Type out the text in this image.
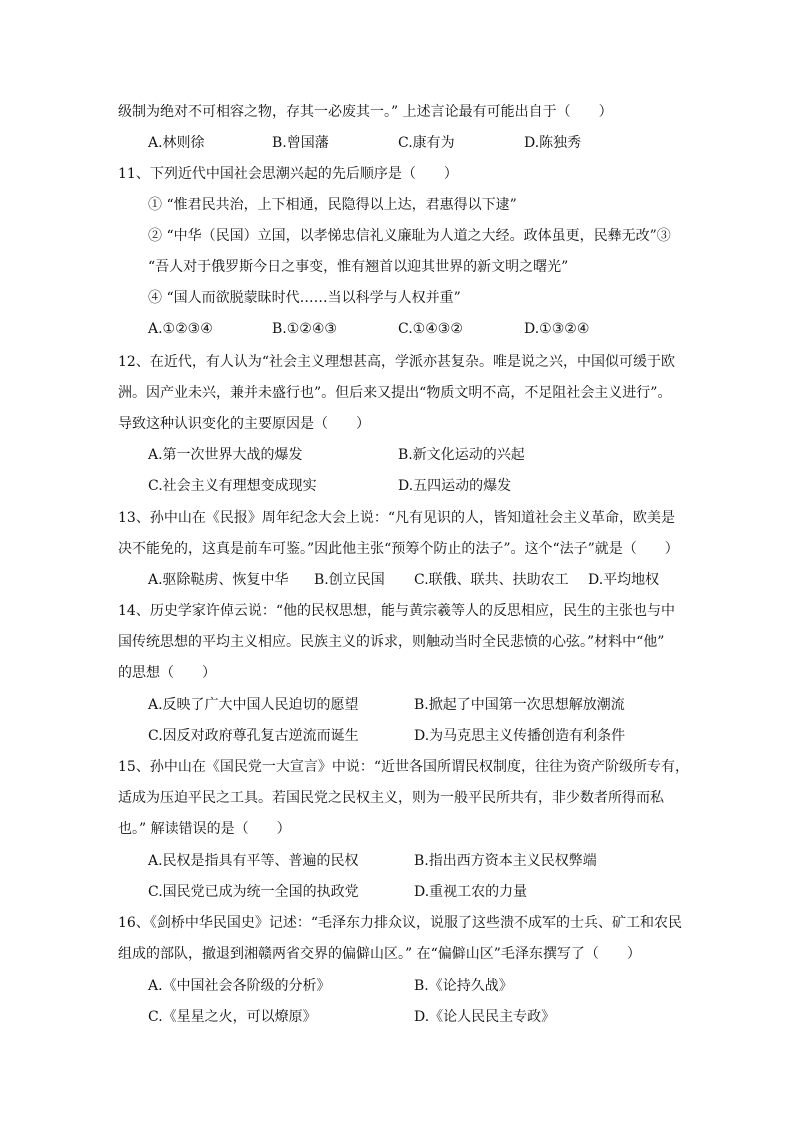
级制为绝对不可相容之物，存其一必废其一。” 上述言论最有可能出自于（　　）
A.林则徐	B.曾国藩	C.康有为	D.陈独秀
11、下列近代中国社会思潮兴起的先后顺序是（　　）
① “惟君民共治，上下相通，民隐得以上达，君惠得以下逮”
② “中华（民国）立国，以孝悌忠信礼义廉耻为人道之大经。政体虽更，民彝无改”③
“吾人对于俄罗斯今日之事变，惟有翘首以迎其世界的新文明之曙光”
④ “国人而欲脱蒙昧时代……当以科学与人权并重”
A.①②③④	B.①②④③	C.①④③②	D.①③②④
12、在近代，有人认为“社会主义理想甚高，学派亦甚复杂。唯是说之兴，中国似可缓于欧
洲。因产业未兴，兼并未盛行也”。但后来又提出“物质文明不高，不足阻社会主义进行”。
导致这种认识变化的主要原因是（　　）
A.第一次世界大战的爆发	B.新文化运动的兴起
C.社会主义有理想变成现实	D.五四运动的爆发
13、孙中山在《民报》周年纪念大会上说：“凡有见识的人，皆知道社会主义革命，欧美是
决不能免的，这真是前车可鉴。”因此他主张“预筹个防止的法子”。这个“法子”就是（　　）
A.驱除鞑虏、恢复中华 B.创立民国 C.联俄、联共、扶助农工 D.平均地权
14、历史学家许倬云说：“他的民权思想，能与黄宗羲等人的反思相应，民生的主张也与中
国传统思想的平均主义相应。民族主义的诉求，则触动当时全民悲愤的心弦。”材料中“他”
的思想（　　）
A.反映了广大中国人民迫切的愿望	B.掀起了中国第一次思想解放潮流
C.因反对政府尊孔复古逆流而诞生	D.为马克思主义传播创造有利条件
15、孙中山在《国民党一大宣言》中说：“近世各国所谓民权制度，往往为资产阶级所专有，
适成为压迫平民之工具。若国民党之民权主义，则为一般平民所共有，非少数者所得而私
也。” 解读错误的是（　　）
A.民权是指具有平等、普遍的民权	B.指出西方资本主义民权弊端
C.国民党已成为统一全国的执政党	D.重视工农的力量
16、《剑桥中华民国史》记述：“毛泽东力排众议，说服了这些溃不成军的士兵、矿工和农民
组成的部队，撤退到湘赣两省交界的偏僻山区。” 在“偏僻山区”毛泽东撰写了（　　）
A.《中国社会各阶级的分析》	B.《论持久战》
C.《星星之火，可以燎原》	D.《论人民民主专政》
